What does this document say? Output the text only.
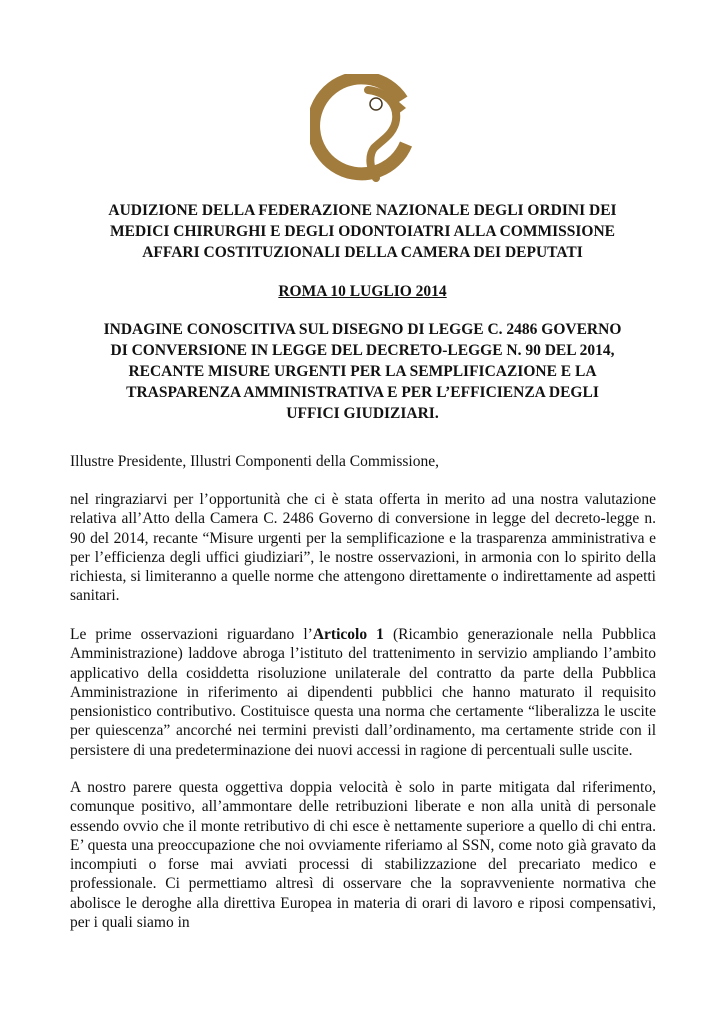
AUDIZIONE DELLA FEDERAZIONE NAZIONALE DEGLI ORDINI DEI

MEDICI CHIRURGHI E DEGLI ODONTOIATRI ALLA COMMISSIONE

AFFARI COSTITUZIONALI DELLA CAMERA DEI DEPUTATI

ROMA 10 LUGLIO 2014

INDAGINE CONOSCITIVA SUL DISEGNO DI LEGGE C. 2486 GOVERNO

DI CONVERSIONE IN LEGGE DEL DECRETO-LEGGE N. 90 DEL 2014,

RECANTE MISURE URGENTI PER LA SEMPLIFICAZIONE E LA

TRASPARENZA AMMINISTRATIVA E PER L’EFFICIENZA DEGLI

UFFICI GIUDIZIARI.

Illustre Presidente, Illustri Componenti della Commissione,

nel ringraziarvi per l’opportunità che ci è stata offerta in merito ad una nostra valutazione relativa all’Atto della Camera C. 2486 Governo di conversione in legge del decreto-legge n. 90 del 2014, recante “Misure urgenti per la semplificazione e la trasparenza amministrativa e per l’efficienza degli uffici giudiziari”, le nostre osservazioni, in armonia con lo spirito della richiesta, si limiteranno a quelle norme che attengono direttamente o indirettamente ad aspetti sanitari.

Le prime osservazioni riguardano l’Articolo 1 (Ricambio generazionale nella Pubblica Amministrazione) laddove abroga l’istituto del trattenimento in servizio ampliando l’ambito applicativo della cosiddetta risoluzione unilaterale del contratto da parte della Pubblica Amministrazione in riferimento ai dipendenti pubblici che hanno maturato il requisito pensionistico contributivo. Costituisce questa una norma che certamente “liberalizza le uscite per quiescenza” ancorché nei termini previsti dall’ordinamento, ma certamente stride con il persistere di una predeterminazione dei nuovi accessi in ragione di percentuali sulle uscite.

A nostro parere questa oggettiva doppia velocità è solo in parte mitigata dal riferimento, comunque positivo, all’ammontare delle retribuzioni liberate e non alla unità di personale essendo ovvio che il monte retributivo di chi esce è nettamente superiore a quello di chi entra. E’ questa una preoccupazione che noi ovviamente riferiamo al SSN, come noto già gravato da incompiuti o forse mai avviati processi di stabilizzazione del precariato medico e professionale. Ci permettiamo altresì di osservare che la sopravveniente normativa che abolisce le deroghe alla direttiva Europea in materia di orari di lavoro e riposi compensativi, per i quali siamo in
